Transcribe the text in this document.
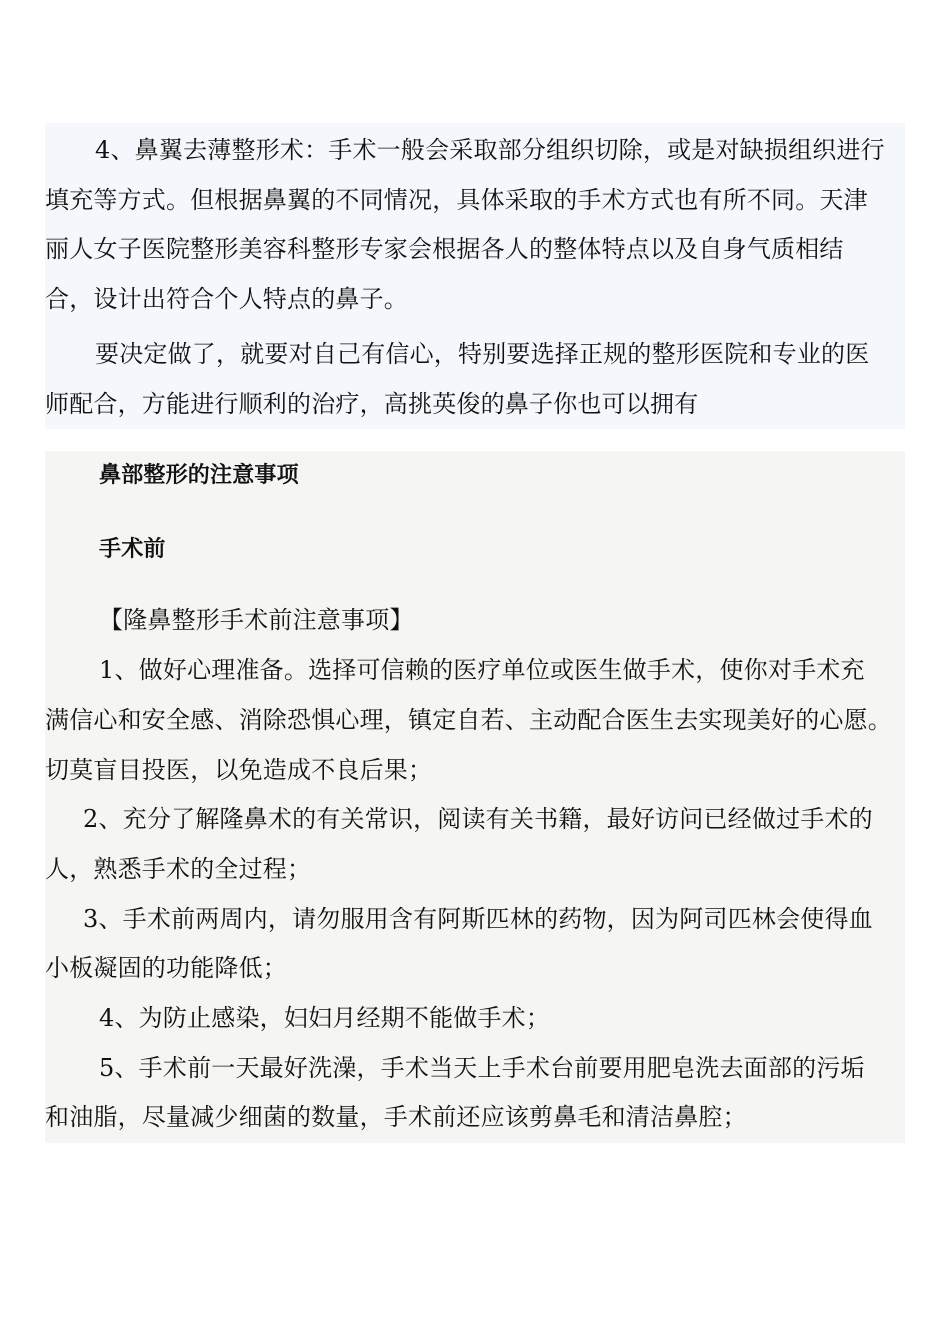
4、鼻翼去薄整形术：手术一般会采取部分组织切除，或是对缺损组织进行
填充等方式。但根据鼻翼的不同情况，具体采取的手术方式也有所不同。天津
丽人女子医院整形美容科整形专家会根据各人的整体特点以及自身气质相结
合，设计出符合个人特点的鼻子。
要决定做了，就要对自己有信心，特别要选择正规的整形医院和专业的医
师配合，方能进行顺利的治疗，高挑英俊的鼻子你也可以拥有
鼻部整形的注意事项
手术前
【隆鼻整形手术前注意事项】
1、做好心理准备。选择可信赖的医疗单位或医生做手术，使你对手术充
满信心和安全感、消除恐惧心理，镇定自若、主动配合医生去实现美好的心愿。
切莫盲目投医，以免造成不良后果；
2、充分了解隆鼻术的有关常识，阅读有关书籍，最好访问已经做过手术的
人，熟悉手术的全过程；
3、手术前两周内，请勿服用含有阿斯匹林的药物，因为阿司匹林会使得血
小板凝固的功能降低；
4、为防止感染，妇妇月经期不能做手术；
5、手术前一天最好洗澡，手术当天上手术台前要用肥皂洗去面部的污垢
和油脂，尽量减少细菌的数量，手术前还应该剪鼻毛和清洁鼻腔；
